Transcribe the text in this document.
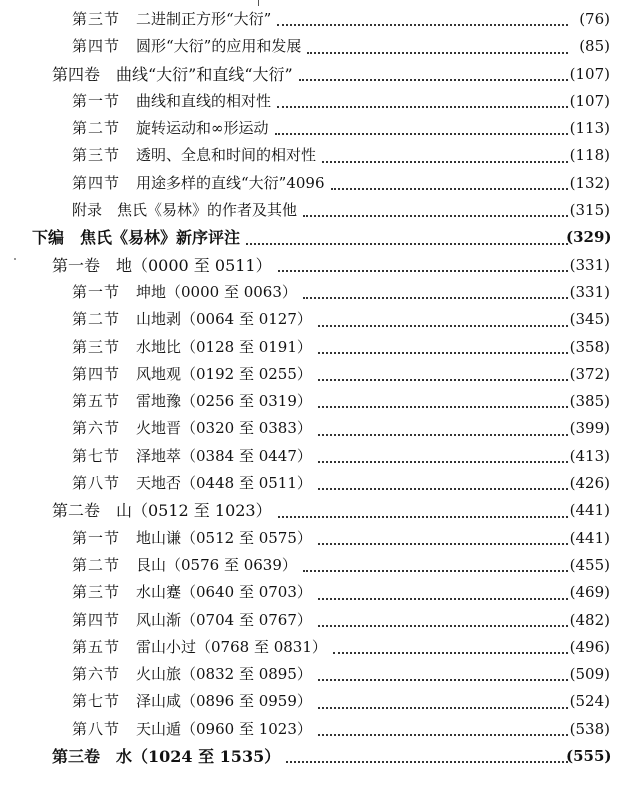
第三节 二进制正方形“大衍”	(76)
第四节 圆形“大衍”的应用和发展	(85)
第四卷　曲线“大衍”和直线“大衍”	(107)
第一节 曲线和直线的相对性	(107)
第二节 旋转运动和∞形运动	(113)
第三节 透明、全息和时间的相对性	(118)
第四节 用途多样的直线“大衍”4096	(132)
附录　焦氏《易林》的作者及其他	(315)
下编　焦氏《易林》新序评注	(329)
第一卷　地（0000 至 0511）	(331)
第一节 坤地（0000 至 0063）	(331)
第二节 山地剥（0064 至 0127）	(345)
第三节 水地比（0128 至 0191）	(358)
第四节 风地观（0192 至 0255）	(372)
第五节 雷地豫（0256 至 0319）	(385)
第六节 火地晋（0320 至 0383）	(399)
第七节 泽地萃（0384 至 0447）	(413)
第八节 天地否（0448 至 0511）	(426)
第二卷　山（0512 至 1023）	(441)
第一节 地山谦（0512 至 0575）	(441)
第二节 艮山（0576 至 0639）	(455)
第三节 水山蹇（0640 至 0703）	(469)
第四节 风山渐（0704 至 0767）	(482)
第五节 雷山小过（0768 至 0831）	(496)
第六节 火山旅（0832 至 0895）	(509)
第七节 泽山咸（0896 至 0959）	(524)
第八节 天山遁（0960 至 1023）	(538)
第三卷　水（1024 至 1535）	(555)
